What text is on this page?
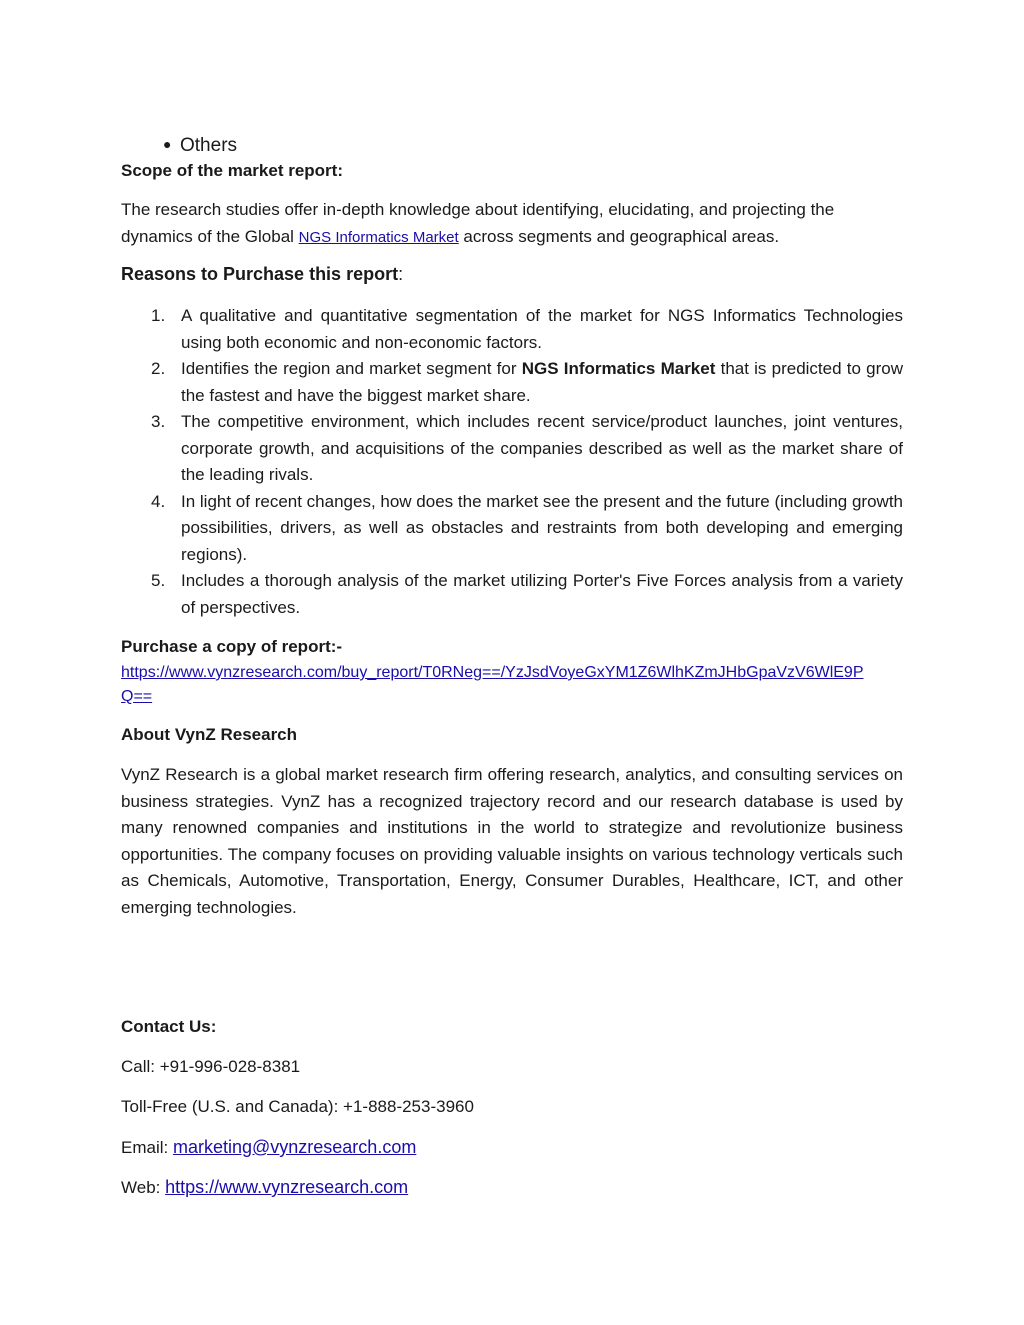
● Others
Scope of the market report:
The research studies offer in-depth knowledge about identifying, elucidating, and projecting the dynamics of the Global NGS Informatics Market across segments and geographical areas.
Reasons to Purchase this report:
1. A qualitative and quantitative segmentation of the market for NGS Informatics Technologies using both economic and non-economic factors.
2. Identifies the region and market segment for NGS Informatics Market that is predicted to grow the fastest and have the biggest market share.
3. The competitive environment, which includes recent service/product launches, joint ventures, corporate growth, and acquisitions of the companies described as well as the market share of the leading rivals.
4. In light of recent changes, how does the market see the present and the future (including growth possibilities, drivers, as well as obstacles and restraints from both developing and emerging regions).
5. Includes a thorough analysis of the market utilizing Porter's Five Forces analysis from a variety of perspectives.
Purchase a copy of report:-
https://www.vynzresearch.com/buy_report/T0RNeg==/YzJsdVoyeGxYM1Z6WlhKZmJHbGpaVzV6WlE9P
Q==
About VynZ Research
VynZ Research is a global market research firm offering research, analytics, and consulting services on business strategies. VynZ has a recognized trajectory record and our research database is used by many renowned companies and institutions in the world to strategize and revolutionize business opportunities. The company focuses on providing valuable insights on various technology verticals such as Chemicals, Automotive, Transportation, Energy, Consumer Durables, Healthcare, ICT, and other emerging technologies.
Contact Us:
Call: +91-996-028-8381
Toll-Free (U.S. and Canada): +1-888-253-3960
Email: marketing@vynzresearch.com
Web: https://www.vynzresearch.com
